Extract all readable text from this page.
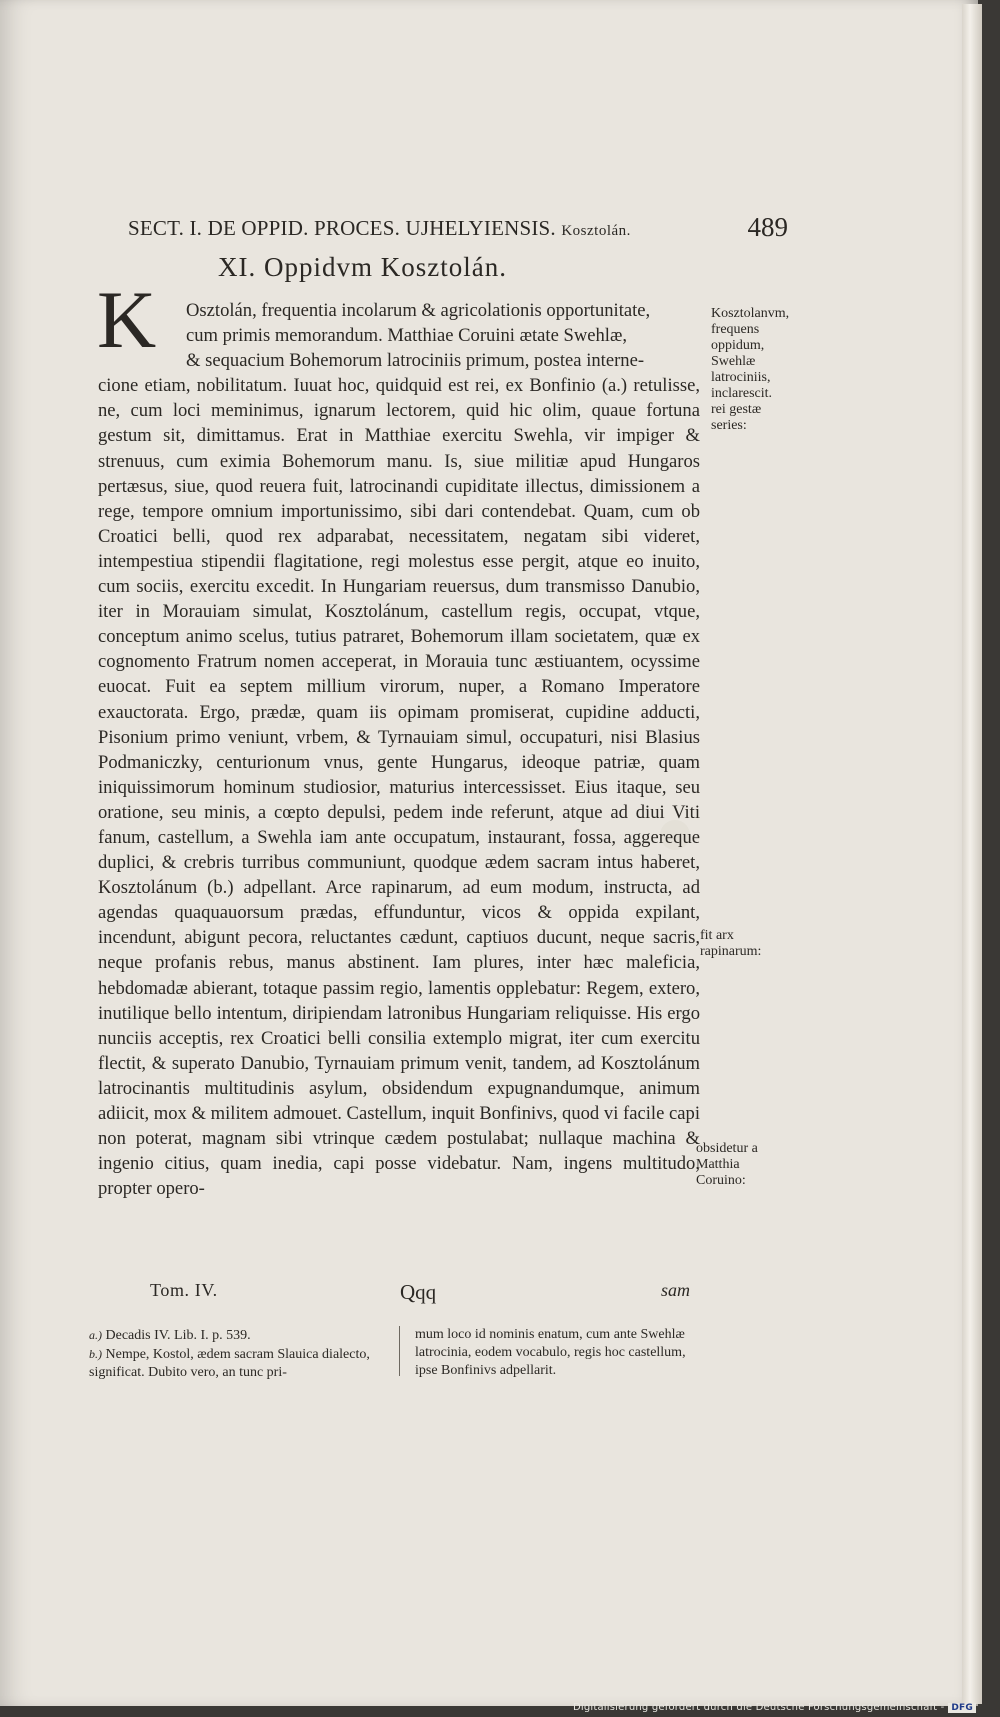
SECT. I. DE OPPID. PROCES. UJHELYIENSIS. Kosztolán.	489
XI. Oppidvm Kosztolán.
K	Osztolán, frequentia incolarum & agricolationis opportunitate,
cum primis memorandum. Matthiae Coruini ætate Swehlæ,
& sequacium Bohemorum latrociniis primum, postea interne-
cione etiam, nobilitatum. Iuuat hoc, quidquid est rei, ex Bonfinio (a.) retulisse, ne, cum loci meminimus, ignarum lectorem, quid hic olim, quaue fortuna gestum sit, dimittamus. Erat in Matthiae exercitu Swehla, vir impiger & strenuus, cum eximia Bohemorum manu. Is, siue militiæ apud Hungaros pertæsus, siue, quod reuera fuit, latrocinandi cupiditate illectus, dimissionem a rege, tempore omnium importunissimo, sibi dari contendebat. Quam, cum ob Croatici belli, quod rex adparabat, necessitatem, negatam sibi videret, intempestiua stipendii flagitatione, regi molestus esse pergit, atque eo inuito, cum sociis, exercitu excedit. In Hungariam reuersus, dum transmisso Danubio, iter in Morauiam simulat, Kosztolánum, castellum regis, occupat, vtque, conceptum animo scelus, tutius patraret, Bohemorum illam societatem, quæ ex cognomento Fratrum nomen acceperat, in Morauia tunc æstiuantem, ocyssime euocat. Fuit ea septem millium virorum, nuper, a Romano Imperatore exauctorata. Ergo, prædæ, quam iis opimam promiserat, cupidine adducti, Pisonium primo veniunt, vrbem, & Tyrnauiam simul, occupaturi, nisi Blasius Podmaniczky, centurionum vnus, gente Hungarus, ideoque patriæ, quam iniquissimorum hominum studiosior, maturius intercessisset. Eius itaque, seu oratione, seu minis, a cœpto depulsi, pedem inde referunt, atque ad diui Viti fanum, castellum, a Swehla iam ante occupatum, instaurant, fossa, aggereque duplici, & crebris turribus communiunt, quodque ædem sacram intus haberet, Kosztolánum (b.) adpellant. Arce rapinarum, ad eum modum, instructa, ad agendas quaquauorsum prædas, effunduntur, vicos & oppida expilant, incendunt, abigunt pecora, reluctantes cædunt, captiuos ducunt, neque sacris, neque profanis rebus, manus abstinent. Iam plures, inter hæc maleficia, hebdomadæ abierant, totaque passim regio, lamentis opplebatur: Regem, extero, inutilique bello intentum, diripiendam latronibus Hungariam reliquisse. His ergo nunciis acceptis, rex Croatici belli consilia extemplo migrat, iter cum exercitu flectit, & superato Danubio, Tyrnauiam primum venit, tandem, ad Kosztolánum latrocinantis multitudinis asylum, obsidendum expugnandumque, animum adiicit, mox & militem admouet. Castellum, inquit Bonfinivs, quod vi facile capi non poterat, magnam sibi vtrinque cædem postulabat; nullaque machina & ingenio citius, quam inedia, capi posse videbatur. Nam, ingens multitudo, propter opero-
Kosztolanvm, frequens oppidum, Swehlæ latrociniis, inclarescit. rei gestæ series:
fit arx rapinarum:
obsidetur a Matthia Coruino:
Tom. IV.	Qqq	sam
a.) Decadis IV. Lib. I. p. 539.
b.) Nempe, Kostol, ædem sacram Slauica dialecto, significat. Dubito vero, an tunc pri-
mum loco id nominis enatum, cum ante Swehlæ latrocinia, eodem vocabulo, regis hoc castellum, ipse Bonfinivs adpellarit.
Digitalisierung gefördert durch die Deutsche Forschungsgemeinschaft - DFG
